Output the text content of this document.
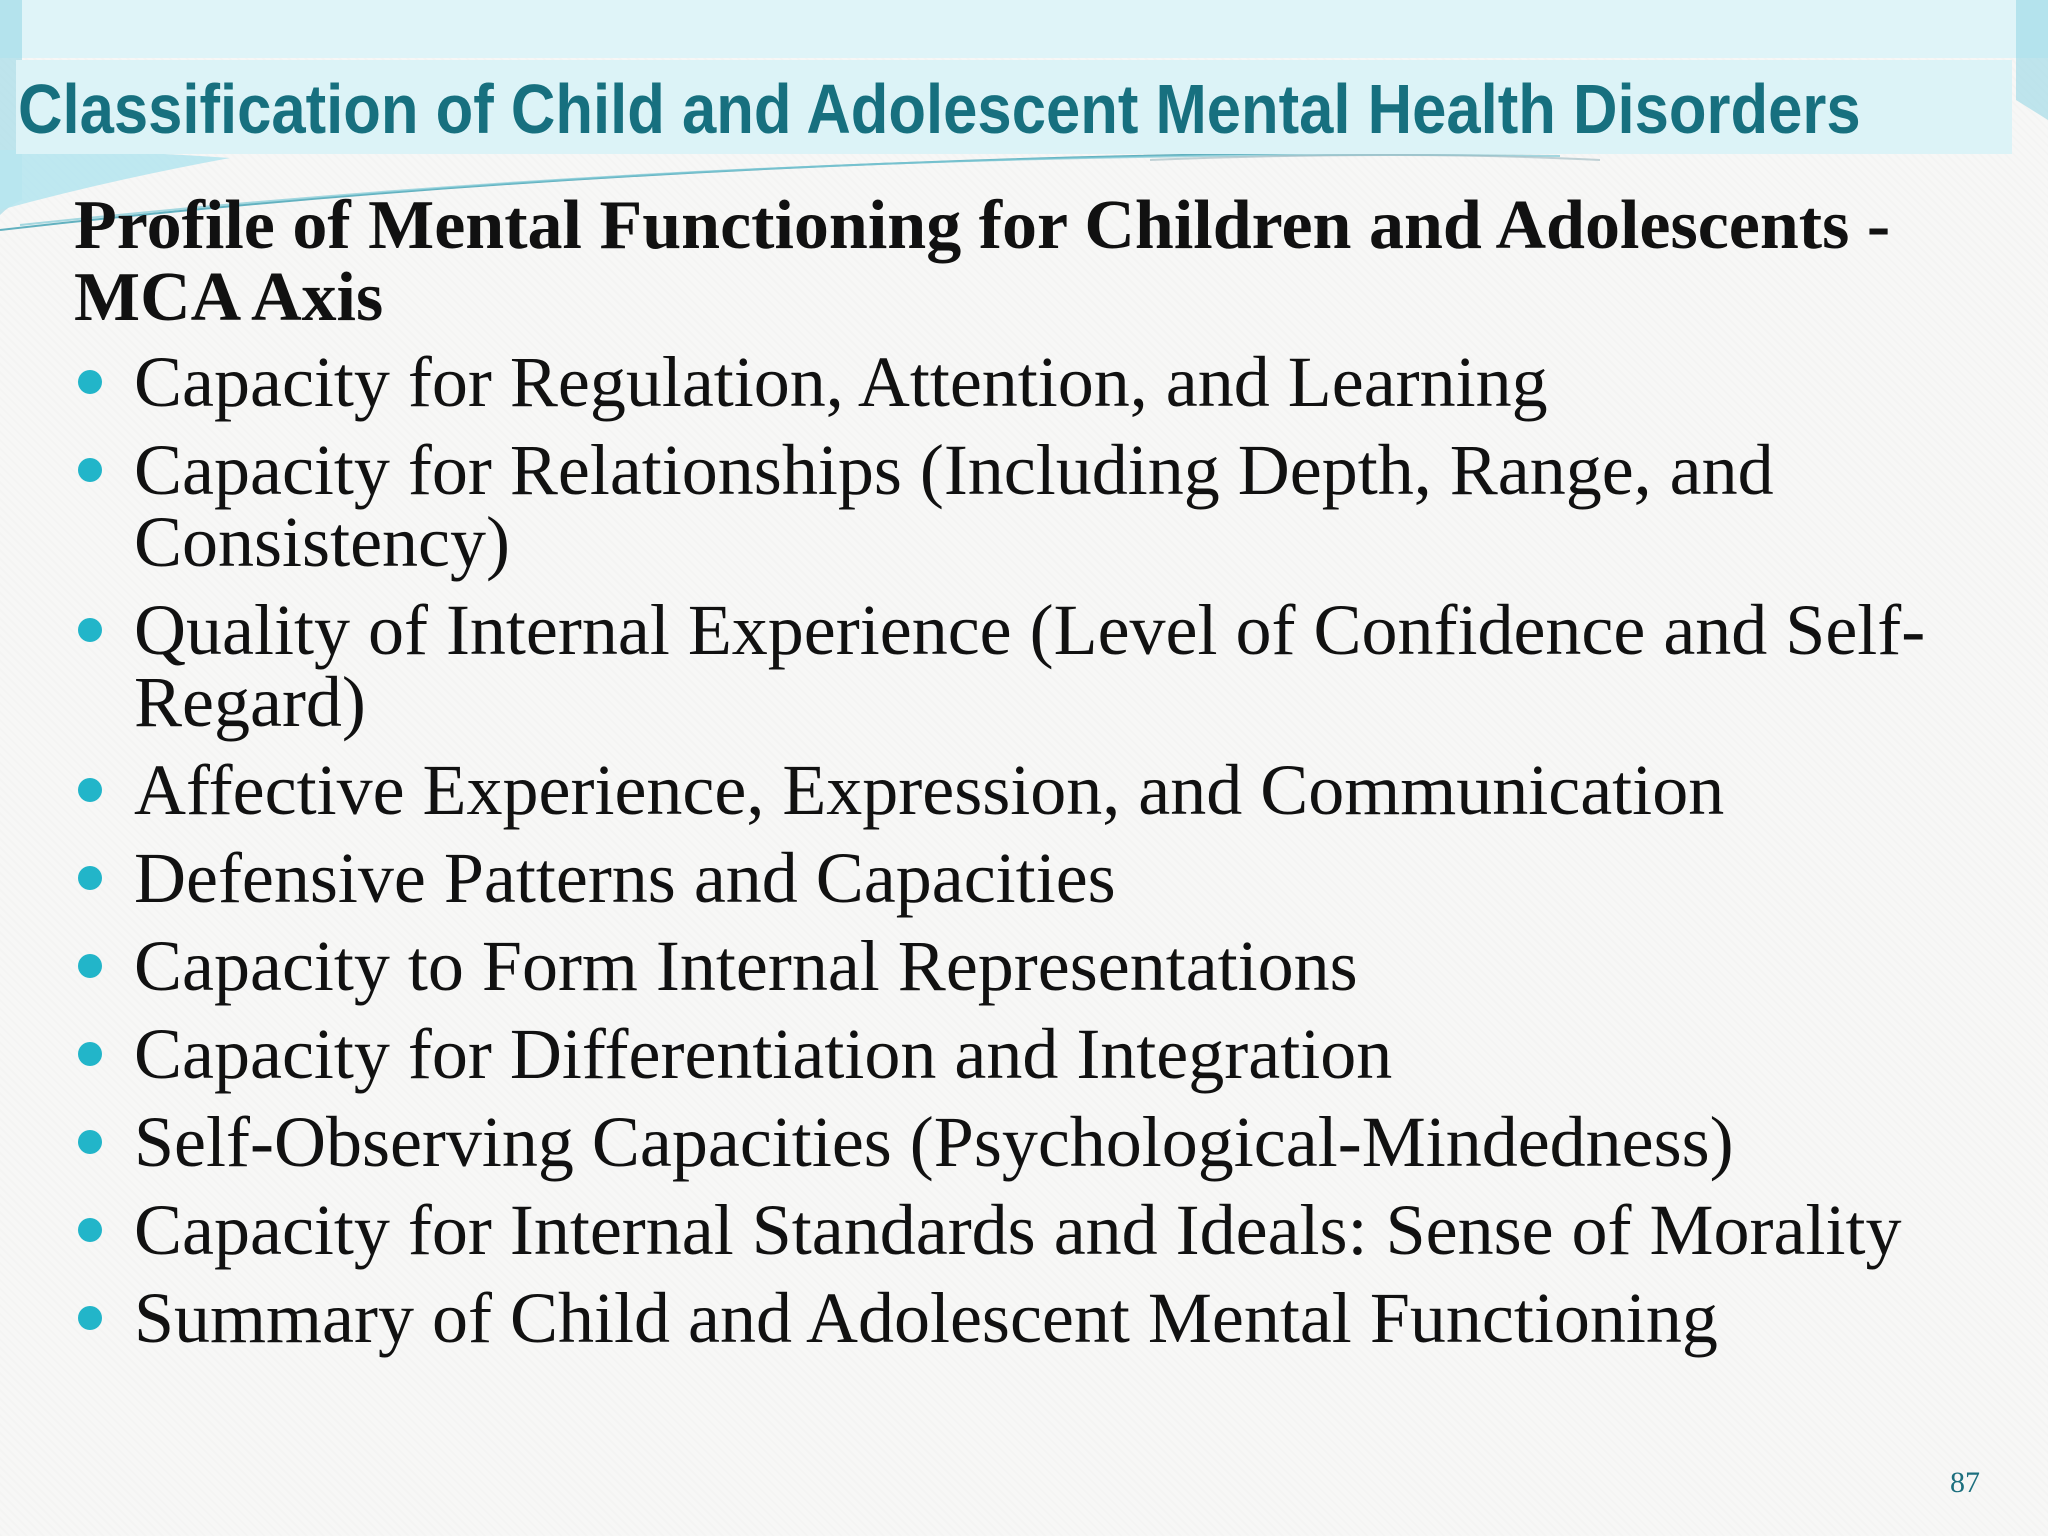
Classification of Child and Adolescent Mental Health Disorders
Profile of Mental Functioning for Children and Adolescents - MCA Axis
Capacity for Regulation, Attention, and Learning
Capacity for Relationships (Including Depth, Range, and Consistency)
Quality of Internal Experience (Level of Confidence and Self-Regard)
Affective Experience, Expression, and Communication
Defensive Patterns and Capacities
Capacity to Form Internal Representations
Capacity for Differentiation and Integration
Self-Observing Capacities (Psychological-Mindedness)
Capacity for Internal Standards and Ideals: Sense of Morality
Summary of Child and Adolescent Mental Functioning
87
